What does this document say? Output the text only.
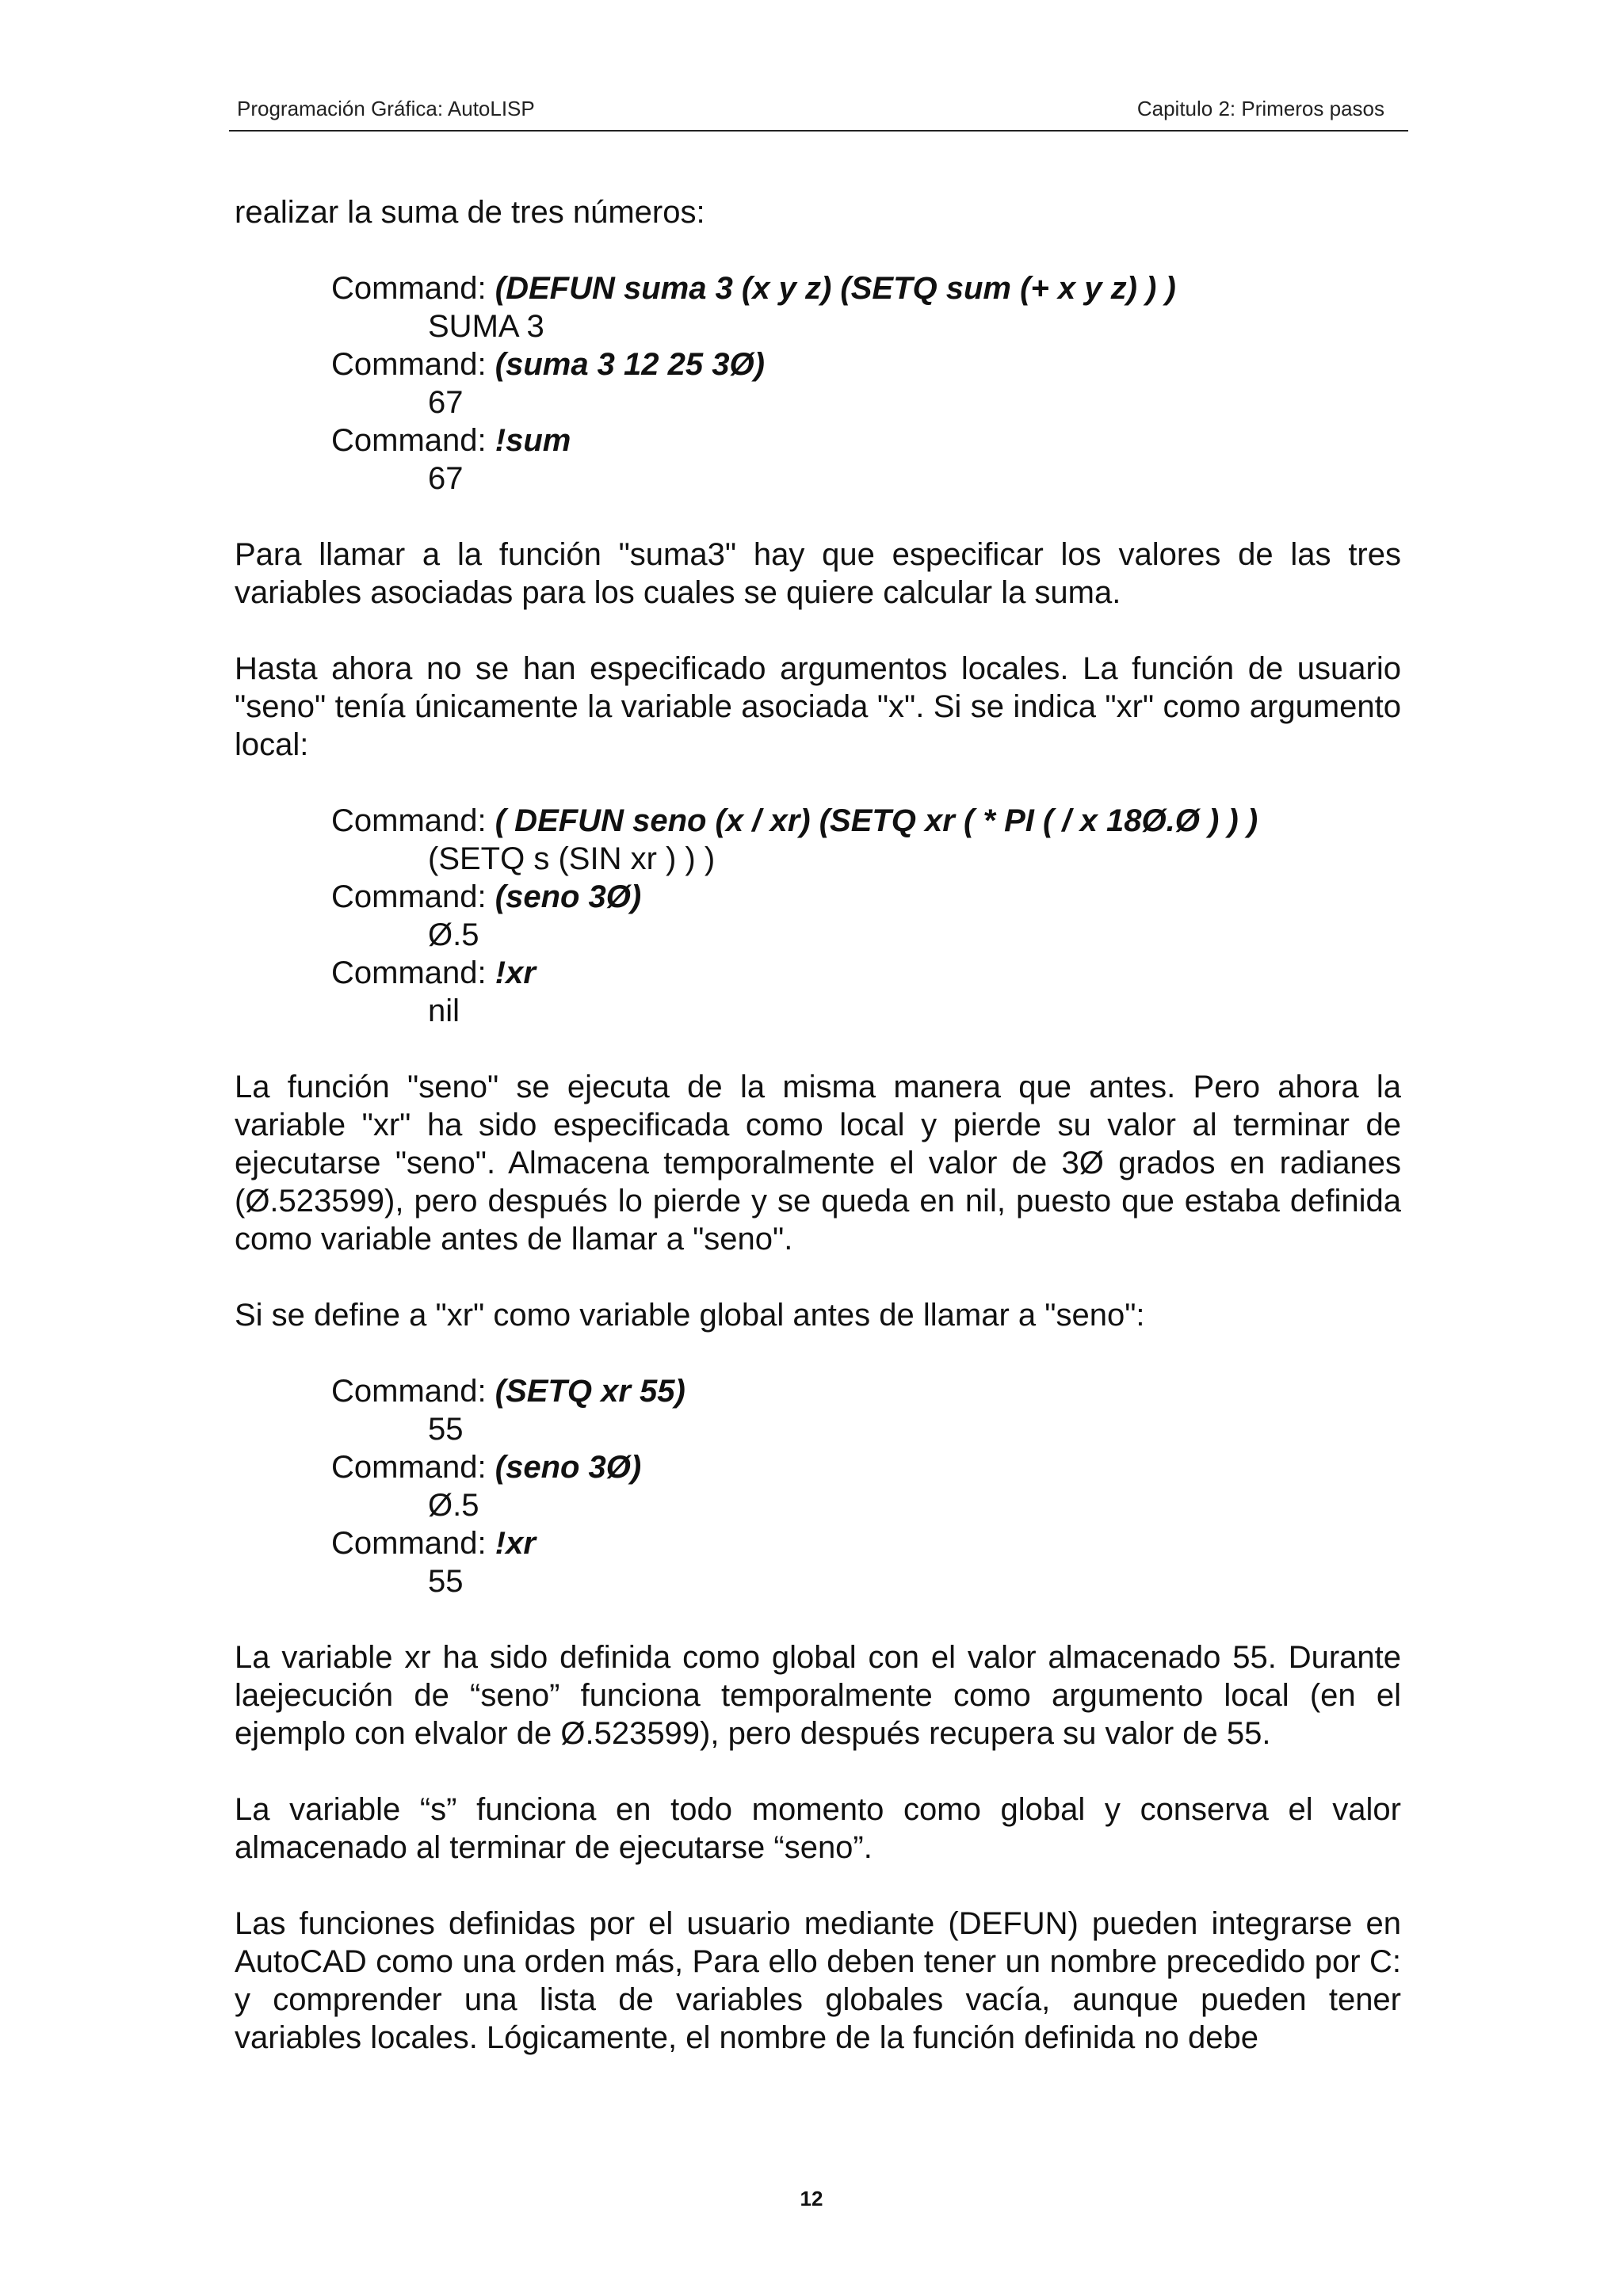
Programación Gráfica: AutoLISP	Capitulo 2: Primeros pasos

realizar la suma de tres números:

Command: (DEFUN suma 3 (x y z) (SETQ sum (+ x y z) ) )
SUMA 3
Command: (suma 3 12 25 3Ø)
67
Command: !sum
67

Para llamar a la función "suma3" hay que especificar los valores de las tres variables asociadas para los cuales se quiere calcular la suma.

Hasta ahora no se han especificado argumentos locales. La función de usuario "seno" tenía únicamente la variable asociada "x". Si se indica "xr" como argumento local:

Command: ( DEFUN seno (x / xr) (SETQ xr ( * PI ( / x 18Ø.Ø ) ) )
(SETQ s (SIN xr ) ) )
Command: (seno 3Ø)
Ø.5
Command: !xr
nil

La función "seno" se ejecuta de la misma manera que antes. Pero ahora la variable "xr" ha sido especificada como local y pierde su valor al terminar de ejecutarse "seno". Almacena temporalmente el valor de 3Ø grados en radianes (Ø.523599), pero después lo pierde y se queda en nil, puesto que estaba definida como variable antes de llamar a "seno".

Si se define a "xr" como variable global antes de llamar a "seno":

Command: (SETQ xr 55)
55
Command: (seno 3Ø)
Ø.5
Command: !xr
55

La variable xr ha sido definida como global con el valor almacenado 55. Durante laejecución de “seno” funciona temporalmente como argumento local (en el ejemplo con elvalor de Ø.523599), pero después recupera su valor de 55.

La variable “s” funciona en todo momento como global y conserva el valor almacenado al terminar de ejecutarse “seno”.

Las funciones definidas por el usuario mediante (DEFUN) pueden integrarse en AutoCAD como una orden más, Para ello deben tener un nombre precedido por C: y comprender una lista de variables globales vacía, aunque pueden tener variables locales. Lógicamente, el nombre de la función definida no debe

12
